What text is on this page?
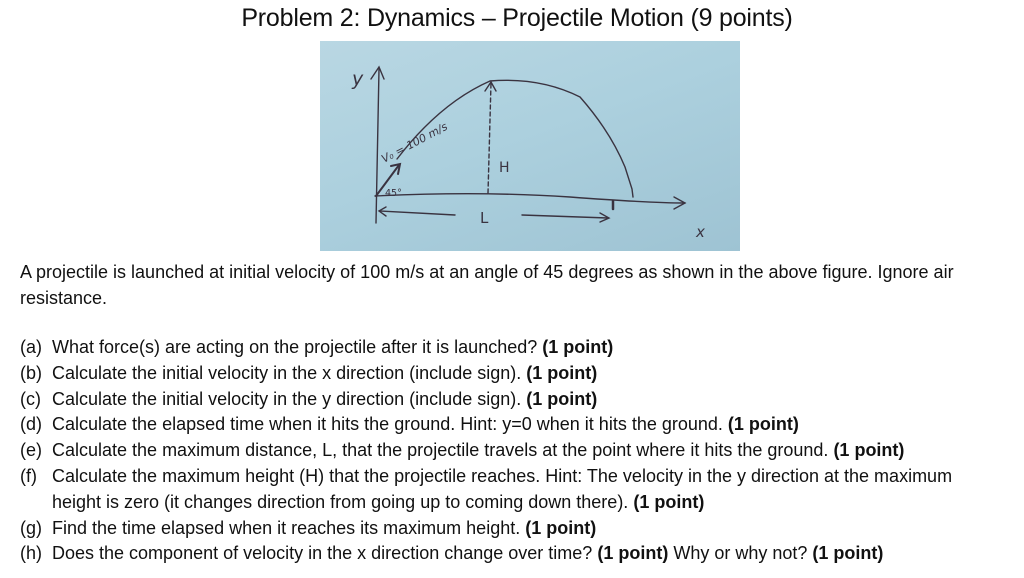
Problem 2: Dynamics – Projectile Motion (9 points)
y
x
V₀ = 100 m/s
45°
H
L
A projectile is launched at initial velocity of 100 m/s at an angle of 45 degrees as shown in the above figure. Ignore air
resistance.
(a) What force(s) are acting on the projectile after it is launched? (1 point)
(b) Calculate the initial velocity in the x direction (include sign). (1 point)
(c) Calculate the initial velocity in the y direction (include sign). (1 point)
(d) Calculate the elapsed time when it hits the ground. Hint: y=0 when it hits the ground. (1 point)
(e) Calculate the maximum distance, L, that the projectile travels at the point where it hits the ground. (1 point)
(f) Calculate the maximum height (H) that the projectile reaches. Hint: The velocity in the y direction at the maximum
height is zero (it changes direction from going up to coming down there). (1 point)
(g) Find the time elapsed when it reaches its maximum height. (1 point)
(h) Does the component of velocity in the x direction change over time? (1 point) Why or why not? (1 point)
